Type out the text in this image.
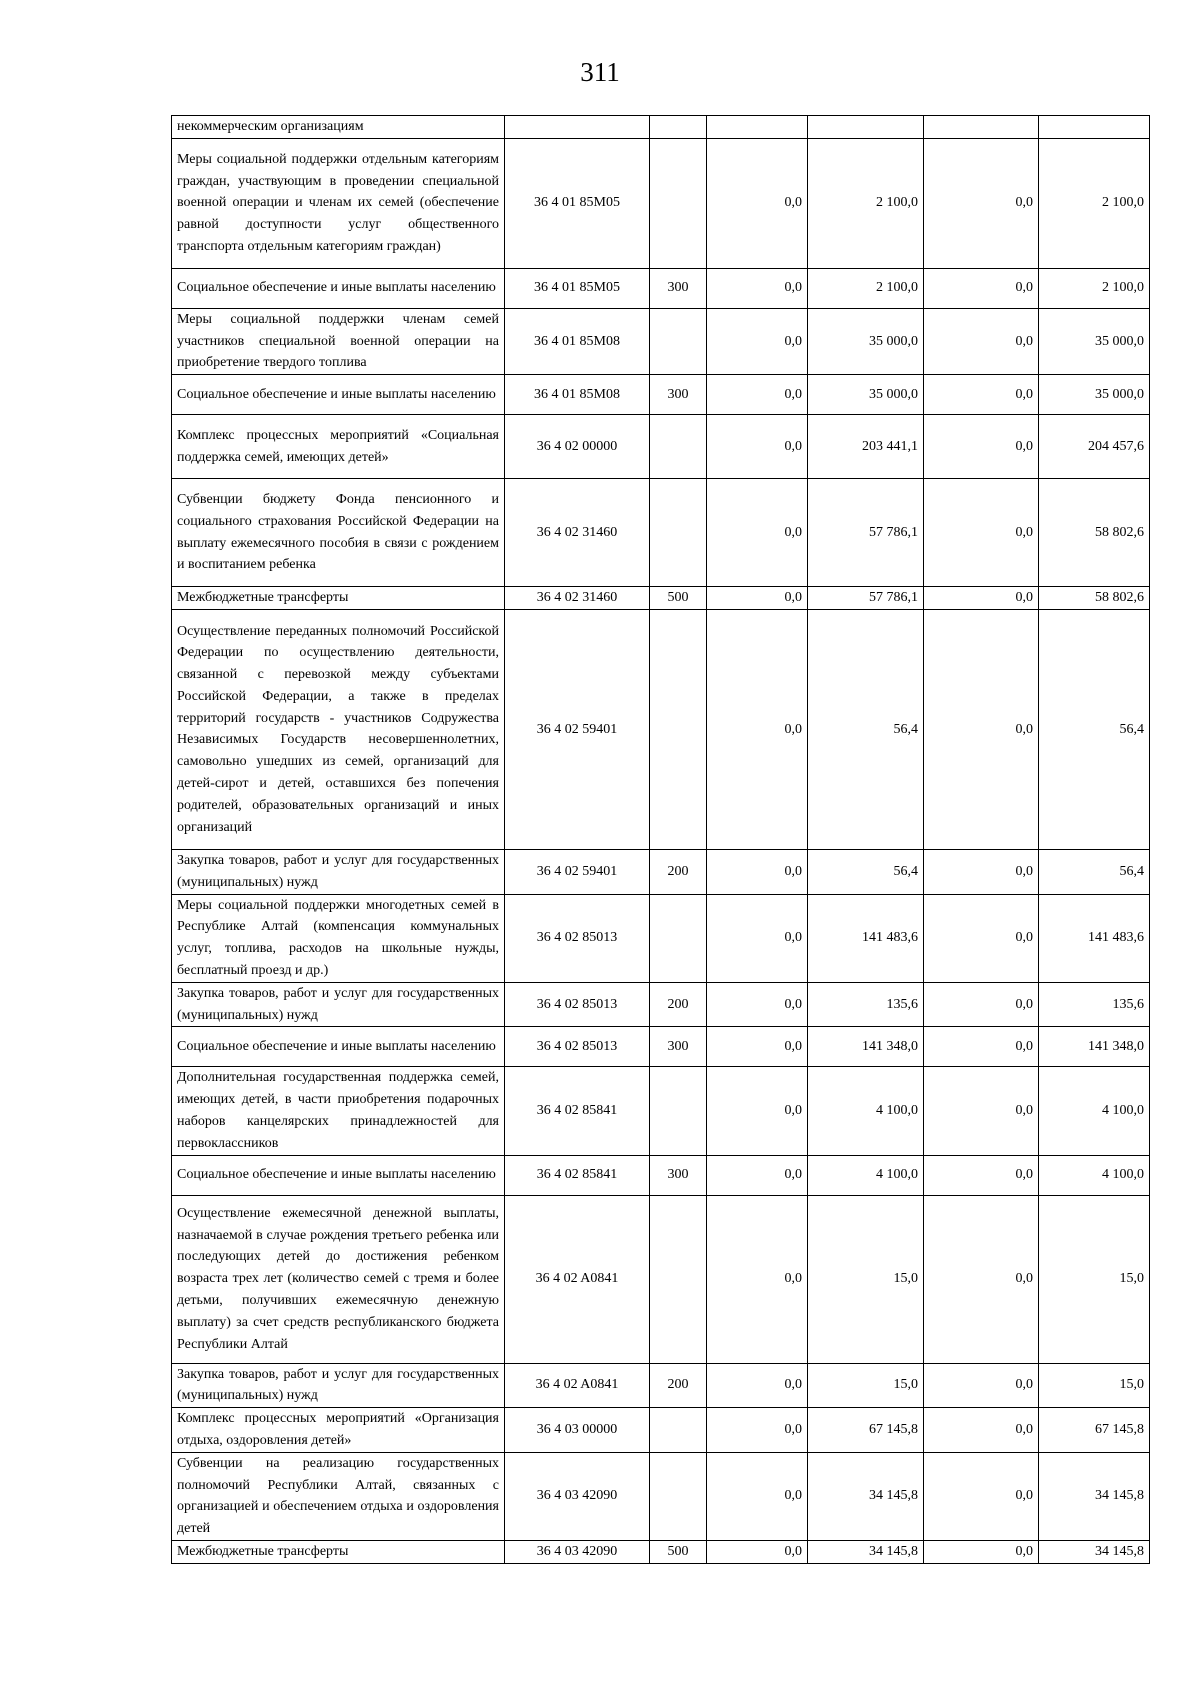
311
некоммерческим организациям						
Меры социальной поддержки отдельным категориям граждан, участвующим в проведении специальной военной операции и членам их семей (обеспечение равной доступности услуг общественного транспорта отдельным категориям граждан)	36 4 01 85M05		0,0	2 100,0	0,0	2 100,0
Социальное обеспечение и иные выплаты населению	36 4 01 85M05	300	0,0	2 100,0	0,0	2 100,0
Меры социальной поддержки членам семей участников специальной военной операции на приобретение твердого топлива	36 4 01 85M08		0,0	35 000,0	0,0	35 000,0
Социальное обеспечение и иные выплаты населению	36 4 01 85M08	300	0,0	35 000,0	0,0	35 000,0
Комплекс процессных мероприятий «Социальная поддержка семей, имеющих детей»	36 4 02 00000		0,0	203 441,1	0,0	204 457,6
Субвенции бюджету Фонда пенсионного и социального страхования Российской Федерации на выплату ежемесячного пособия в связи с рождением и воспитанием ребенка	36 4 02 31460		0,0	57 786,1	0,0	58 802,6
Межбюджетные трансферты	36 4 02 31460	500	0,0	57 786,1	0,0	58 802,6
Осуществление переданных полномочий Российской Федерации по осуществлению деятельности, связанной с перевозкой между субъектами Российской Федерации, а также в пределах территорий государств - участников Содружества Независимых Государств несовершеннолетних, самовольно ушедших из семей, организаций для детей-сирот и детей, оставшихся без попечения родителей, образовательных организаций и иных организаций	36 4 02 59401		0,0	56,4	0,0	56,4
Закупка товаров, работ и услуг для государственных (муниципальных) нужд	36 4 02 59401	200	0,0	56,4	0,0	56,4
Меры социальной поддержки многодетных семей в Республике Алтай (компенсация коммунальных услуг, топлива, расходов на школьные нужды, бесплатный проезд и др.)	36 4 02 85013		0,0	141 483,6	0,0	141 483,6
Закупка товаров, работ и услуг для государственных (муниципальных) нужд	36 4 02 85013	200	0,0	135,6	0,0	135,6
Социальное обеспечение и иные выплаты населению	36 4 02 85013	300	0,0	141 348,0	0,0	141 348,0
Дополнительная государственная поддержка семей, имеющих детей, в части приобретения подарочных наборов канцелярских принадлежностей для первоклассников	36 4 02 85841		0,0	4 100,0	0,0	4 100,0
Социальное обеспечение и иные выплаты населению	36 4 02 85841	300	0,0	4 100,0	0,0	4 100,0
Осуществление ежемесячной денежной выплаты, назначаемой в случае рождения третьего ребенка или последующих детей до достижения ребенком возраста трех лет (количество семей с тремя и более детьми, получивших ежемесячную денежную выплату) за счет средств республиканского бюджета Республики Алтай	36 4 02 A0841		0,0	15,0	0,0	15,0
Закупка товаров, работ и услуг для государственных (муниципальных) нужд	36 4 02 A0841	200	0,0	15,0	0,0	15,0
Комплекс процессных мероприятий «Организация отдыха, оздоровления детей»	36 4 03 00000		0,0	67 145,8	0,0	67 145,8
Субвенции на реализацию государственных полномочий Республики Алтай, связанных с организацией и обеспечением отдыха и оздоровления детей	36 4 03 42090		0,0	34 145,8	0,0	34 145,8
Межбюджетные трансферты	36 4 03 42090	500	0,0	34 145,8	0,0	34 145,8
